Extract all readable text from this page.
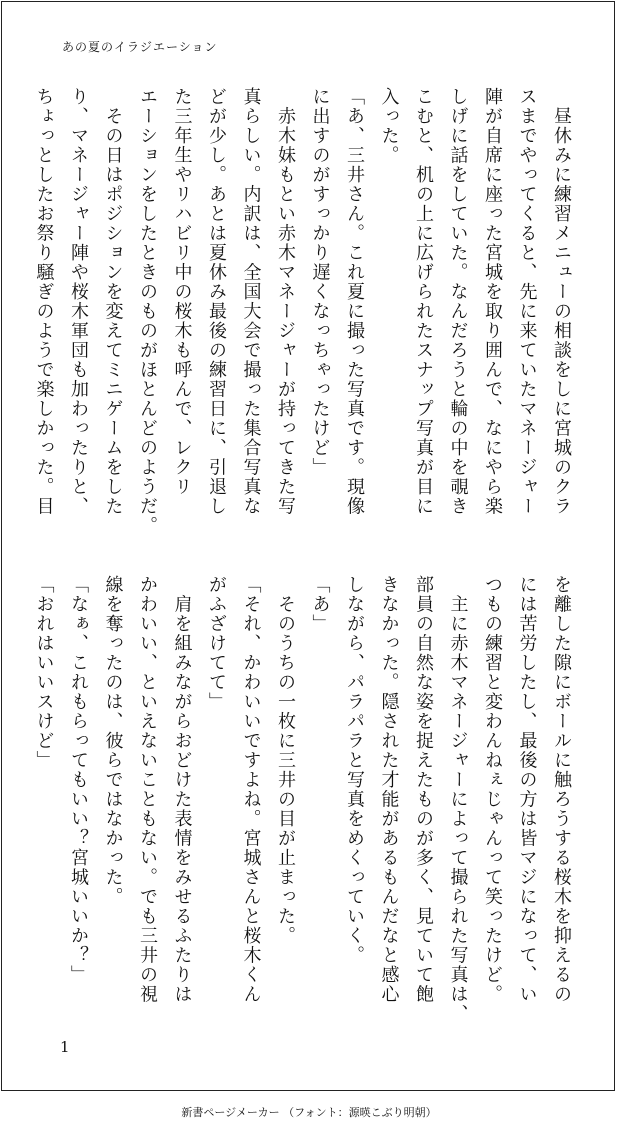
あの夏のイラジエーション

　昼休みに練習メニューの相談をしに宮城のクラ

スまでやってくると、先に来ていたマネージャー

陣が自席に座った宮城を取り囲んで、なにやら楽

しげに話をしていた。なんだろうと輪の中を覗き

こむと、机の上に広げられたスナップ写真が目に

入った。

「あ、三井さん。これ夏に撮った写真です。現像

に出すのがすっかり遅くなっちゃったけど」

　赤木妹もとい赤木マネージャーが持ってきた写

真らしい。内訳は、全国大会で撮った集合写真な

どが少し。あとは夏休み最後の練習日に、引退し

た三年生やリハビリ中の桜木も呼んで、レクリ

エーションをしたときのものがほとんどのようだ。

　その日はポジションを変えてミニゲームをした

り、マネージャー陣や桜木軍団も加わったりと、

ちょっとしたお祭り騒ぎのようで楽しかった。目

を離した隙にボールに触ろうする桜木を抑えるの

には苦労したし、最後の方は皆マジになって、い

つもの練習と変わんねぇじゃんって笑ったけど。

　主に赤木マネージャーによって撮られた写真は、

部員の自然な姿を捉えたものが多く、見ていて飽

きなかった。隠された才能があるもんだなと感心

しながら、パラパラと写真をめくっていく。

「あ」

　そのうちの一枚に三井の目が止まった。

「それ、かわいいですよね。宮城さんと桜木くん

がふざけてて」

　肩を組みながらおどけた表情をみせるふたりは

かわいい、といえないこともない。でも三井の視

線を奪ったのは、彼らではなかった。

「なぁ、これもらってもいい？宮城いいか？」

「おれはいいスけど」

1
新書ページメーカー （フォント：源暎こぶり明朝）
